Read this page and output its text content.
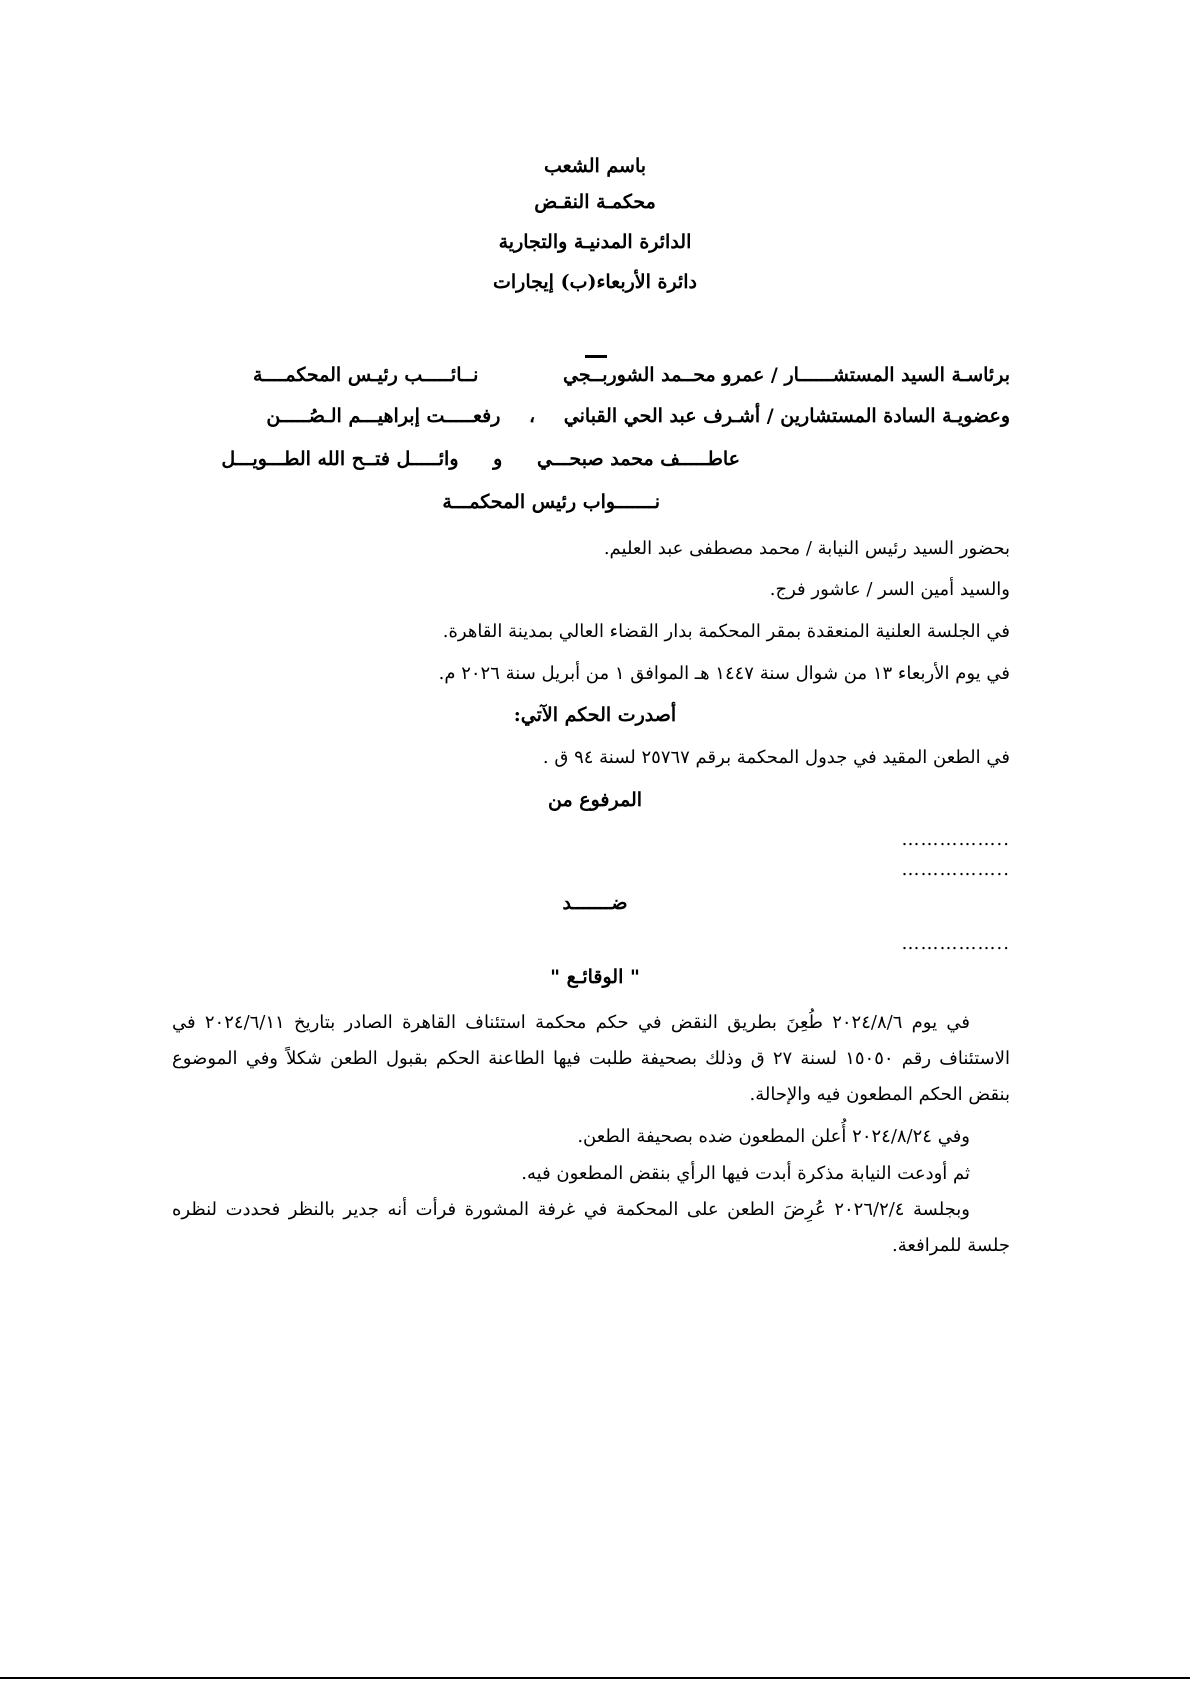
باسم الشعب
محكمـة النقـض
الدائرة المدنيـة والتجارية
دائرة الأربعاء(ب) إيجارات
برئاسـة السيد المستشــــــار / عمرو محــمد الشوربــجي نــائـــــب رئيـس المحكمــــة
وعضويـة السادة المستشارين / أشـرف عبد الحي القباني ، رفعـــــت إبراهيـــم الـصُـــــن
عاطـــــف محمد صبحـــي و وائـــــل فتــح الله الطـــويـــل
نـــــــواب رئيس المحكمـــة
بحضور السيد رئيس النيابة / محمد مصطفى عبد العليم.
والسيد أمين السر / عاشور فرج.
في الجلسة العلنية المنعقدة بمقر المحكمة بدار القضاء العالي بمدينة القاهرة.
في يوم الأربعاء ١٣ من شوال سنة ١٤٤٧ هـ الموافق ١ من أبريل سنة ٢٠٢٦ م.
أصدرت الحكم الآتي:
في الطعن المقيد في جدول المحكمة برقم ٢٥٧٦٧ لسنة ٩٤ ق .
المرفوع من
……………..
……………..
ضـــــــد
……………..
" الوقائـع "
في يوم ٢٠٢٤/٨/٦ طُعِنَ بطريق النقض في حكم محكمة استئناف القاهرة الصادر بتاريخ ٢٠٢٤/٦/١١ في الاستئناف رقم ١٥٠٥٠ لسنة ٢٧ ق وذلك بصحيفة طلبت فيها الطاعنة الحكم بقبول الطعن شكلاً وفي الموضوع بنقض الحكم المطعون فيه والإحالة.
وفي ٢٠٢٤/٨/٢٤ أُعلن المطعون ضده بصحيفة الطعن.
ثم أودعت النيابة مذكرة أبدت فيها الرأي بنقض المطعون فيه.
وبجلسة ٢٠٢٦/٢/٤ عُرِضَ الطعن على المحكمة في غرفة المشورة فرأت أنه جدير بالنظر فحددت لنظره جلسة للمرافعة.
